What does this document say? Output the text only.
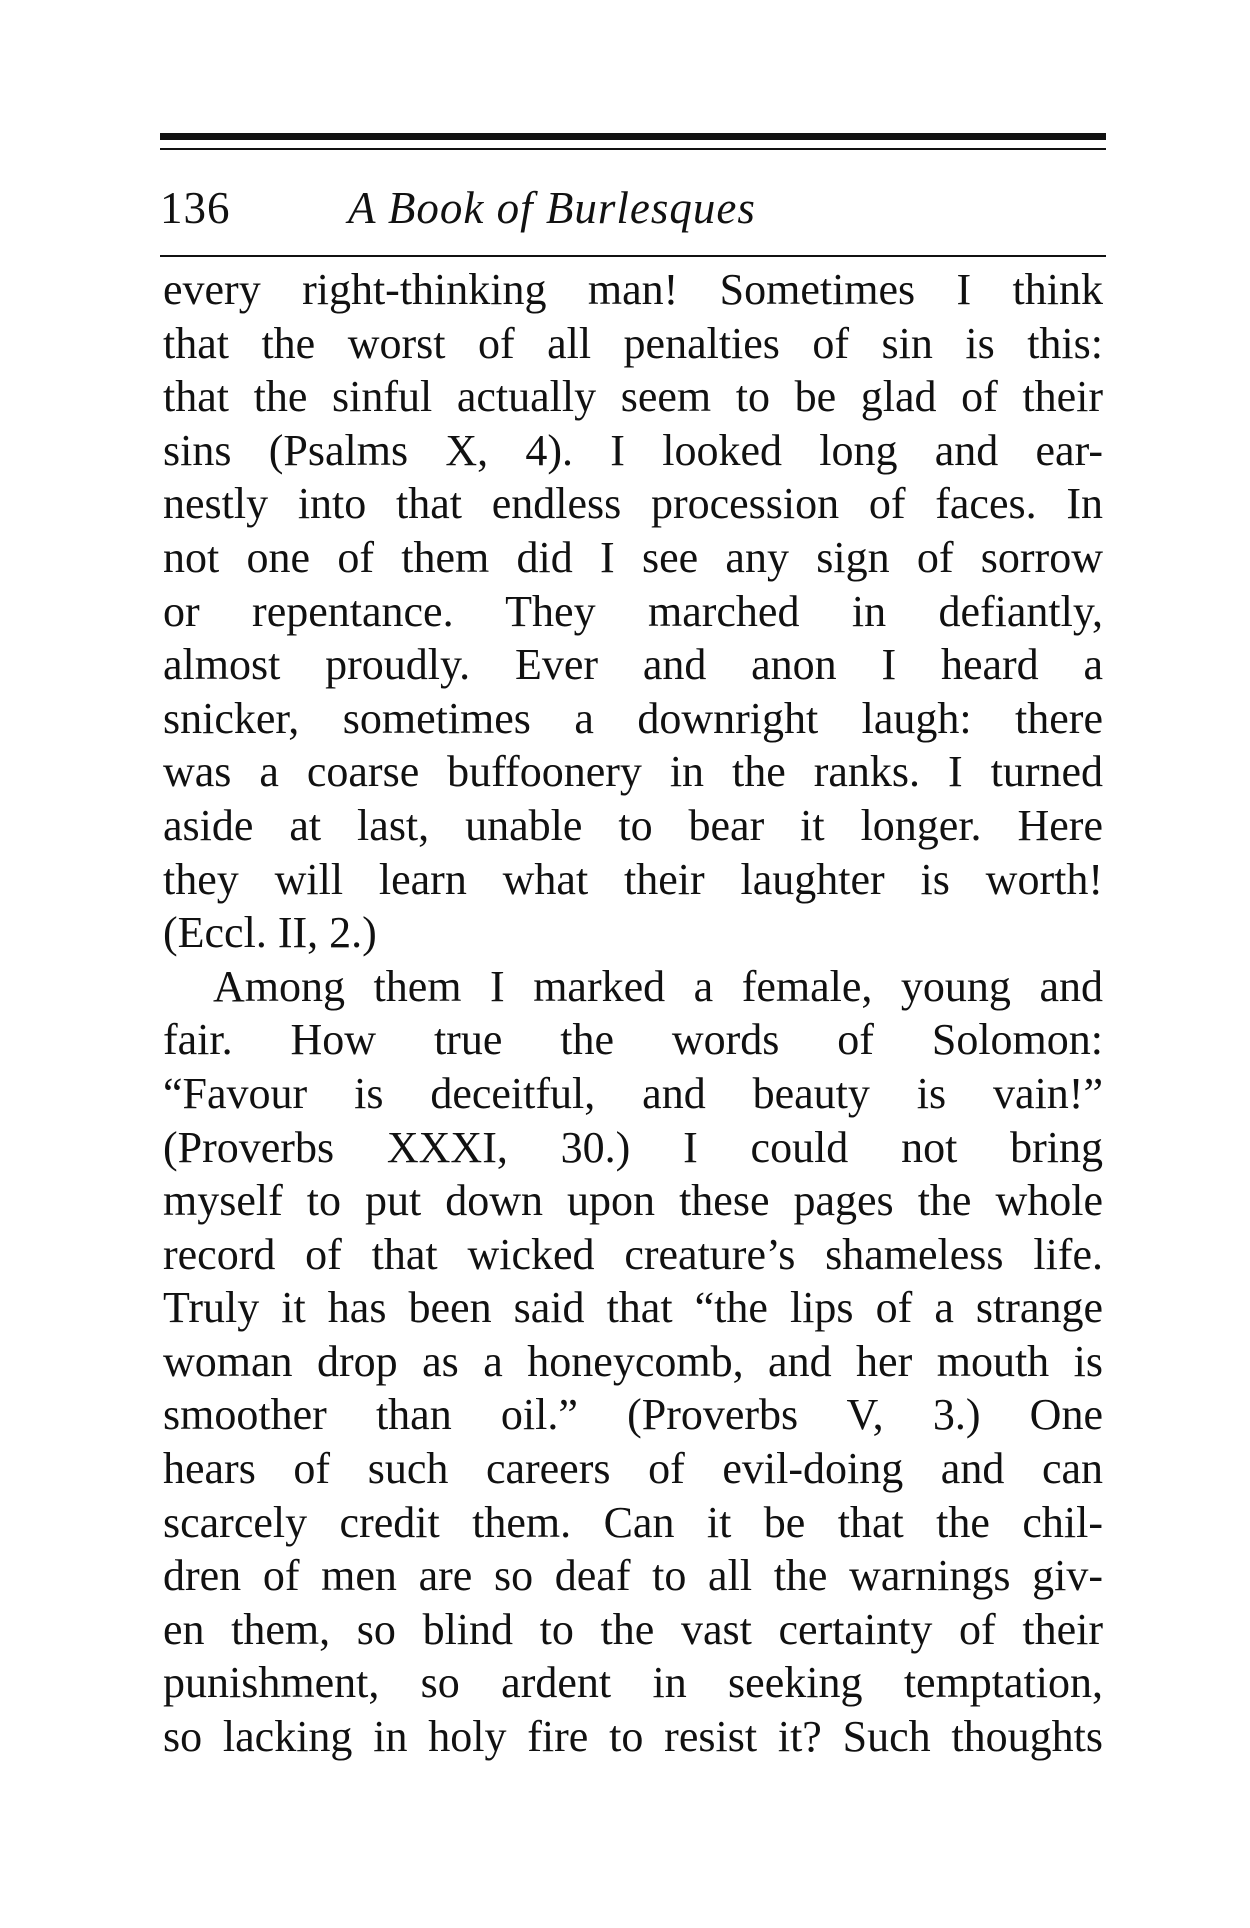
136	A Book of Burlesques
every right-thinking man! Sometimes I think
that the worst of all penalties of sin is this:
that the sinful actually seem to be glad of their
sins (Psalms X, 4). I looked long and ear-
nestly into that endless procession of faces. In
not one of them did I see any sign of sorrow
or repentance. They marched in defiantly,
almost proudly. Ever and anon I heard a
snicker, sometimes a downright laugh: there
was a coarse buffoonery in the ranks. I turned
aside at last, unable to bear it longer. Here
they will learn what their laughter is worth!
(Eccl. II, 2.)
Among them I marked a female, young and
fair. How true the words of Solomon:
“Favour is deceitful, and beauty is vain!”
(Proverbs XXXI, 30.) I could not bring
myself to put down upon these pages the whole
record of that wicked creature’s shameless life.
Truly it has been said that “the lips of a strange
woman drop as a honeycomb, and her mouth is
smoother than oil.” (Proverbs V, 3.) One
hears of such careers of evil-doing and can
scarcely credit them. Can it be that the chil-
dren of men are so deaf to all the warnings giv-
en them, so blind to the vast certainty of their
punishment, so ardent in seeking temptation,
so lacking in holy fire to resist it? Such thoughts
